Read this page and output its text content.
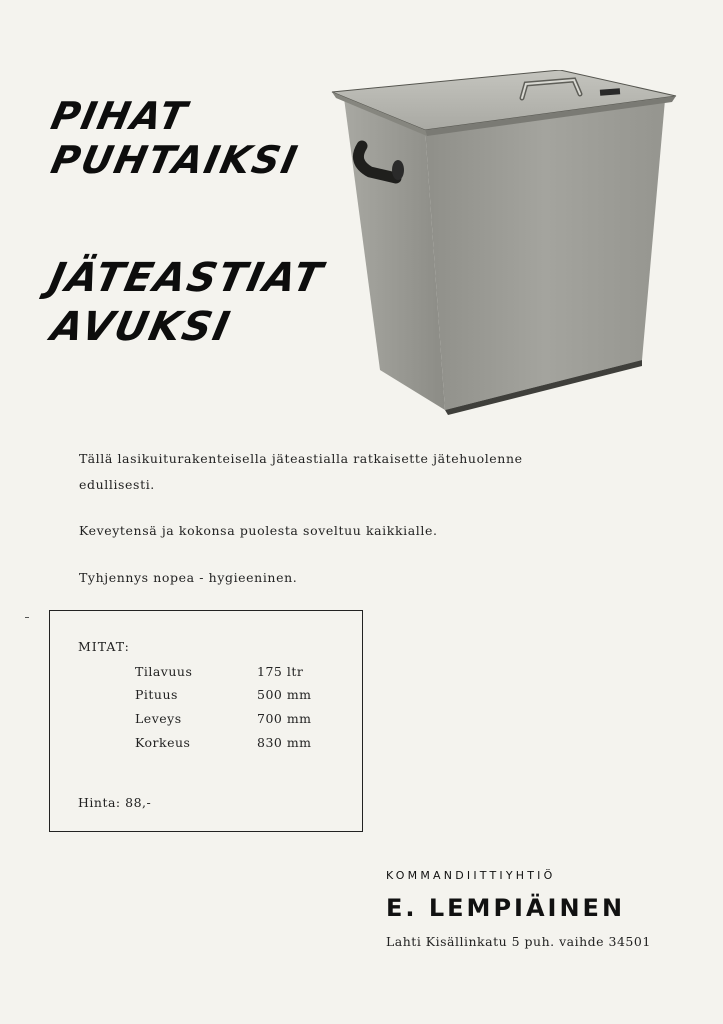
PIHAT
PUHTAIKSI
JÄTEASTIAT
AVUKSI
Tällä lasikuiturakenteisella jäteastialla ratkaisette jätehuolenne
edullisesti.
Keveytensä ja kokonsa puolesta soveltuu kaikkialle.
Tyhjennys nopea - hygieeninen.
MITAT:
Tilavuus	175 ltr
Pituus	500 mm
Leveys	700 mm
Korkeus	830 mm
Hinta: 88,-
KOMMANDIITTIYHTIÖ
E. LEMPIÄINEN
Lahti Kisällinkatu 5 puh. vaihde 34501
